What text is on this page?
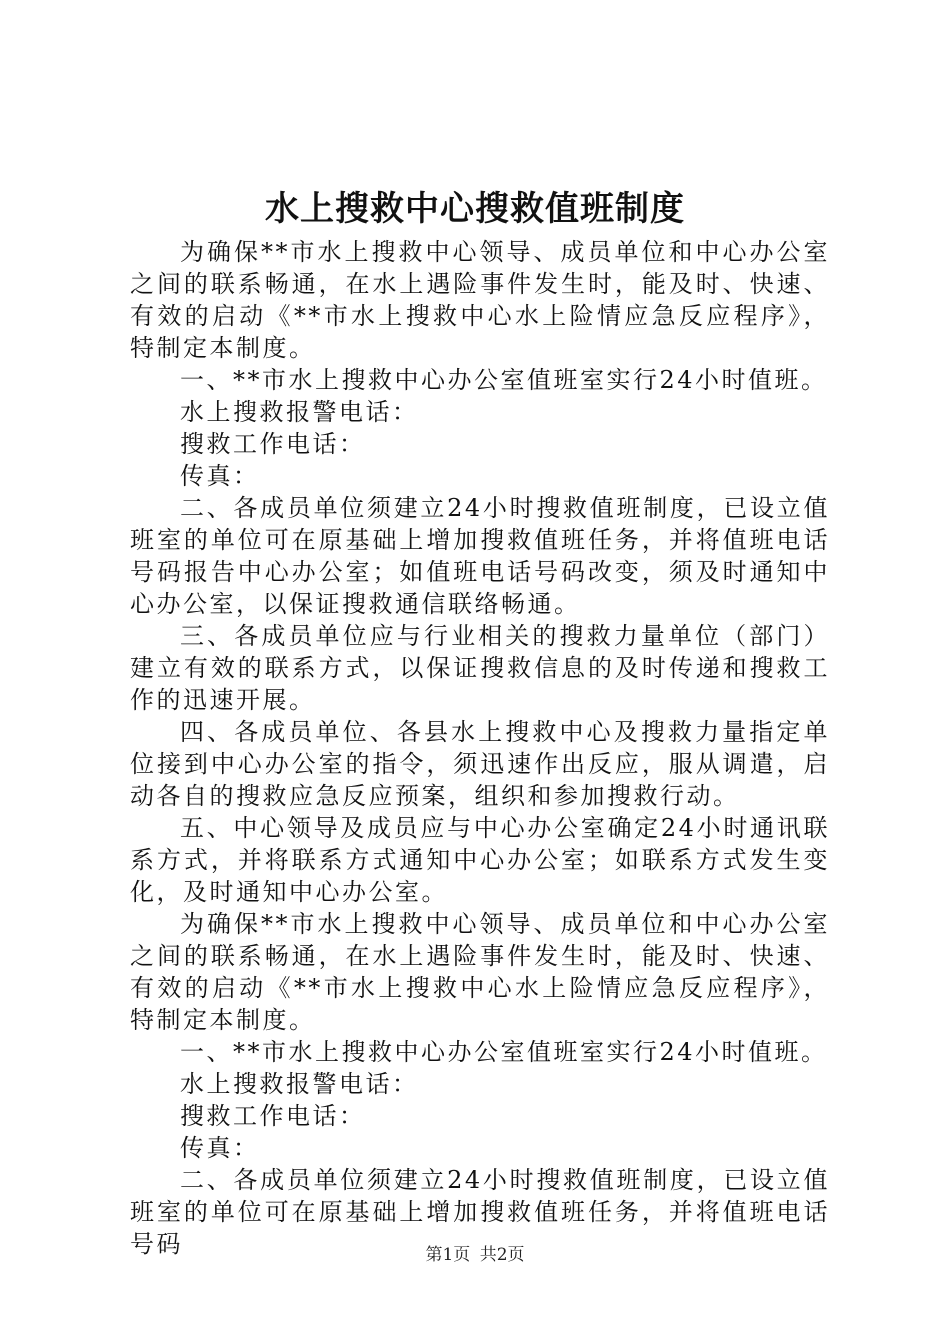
水上搜救中心搜救值班制度

为确保**市水上搜救中心领导、成员单位和中心办公室之间的联系畅通，在水上遇险事件发生时，能及时、快速、有效的启动《**市水上搜救中心水上险情应急反应程序》，特制定本制度。

一、**市水上搜救中心办公室值班室实行24小时值班。

水上搜救报警电话：

搜救工作电话：

传真：

二、各成员单位须建立24小时搜救值班制度，已设立值班室的单位可在原基础上增加搜救值班任务，并将值班电话号码报告中心办公室；如值班电话号码改变，须及时通知中心办公室，以保证搜救通信联络畅通。

三、各成员单位应与行业相关的搜救力量单位（部门）建立有效的联系方式，以保证搜救信息的及时传递和搜救工作的迅速开展。

四、各成员单位、各县水上搜救中心及搜救力量指定单位接到中心办公室的指令，须迅速作出反应，服从调遣，启动各自的搜救应急反应预案，组织和参加搜救行动。

五、中心领导及成员应与中心办公室确定24小时通讯联系方式，并将联系方式通知中心办公室；如联系方式发生变化，及时通知中心办公室。

为确保**市水上搜救中心领导、成员单位和中心办公室之间的联系畅通，在水上遇险事件发生时，能及时、快速、有效的启动《**市水上搜救中心水上险情应急反应程序》，特制定本制度。

一、**市水上搜救中心办公室值班室实行24小时值班。

水上搜救报警电话：

搜救工作电话：

传真：

二、各成员单位须建立24小时搜救值班制度，已设立值班室的单位可在原基础上增加搜救值班任务，并将值班电话号码	第1页 共2页
